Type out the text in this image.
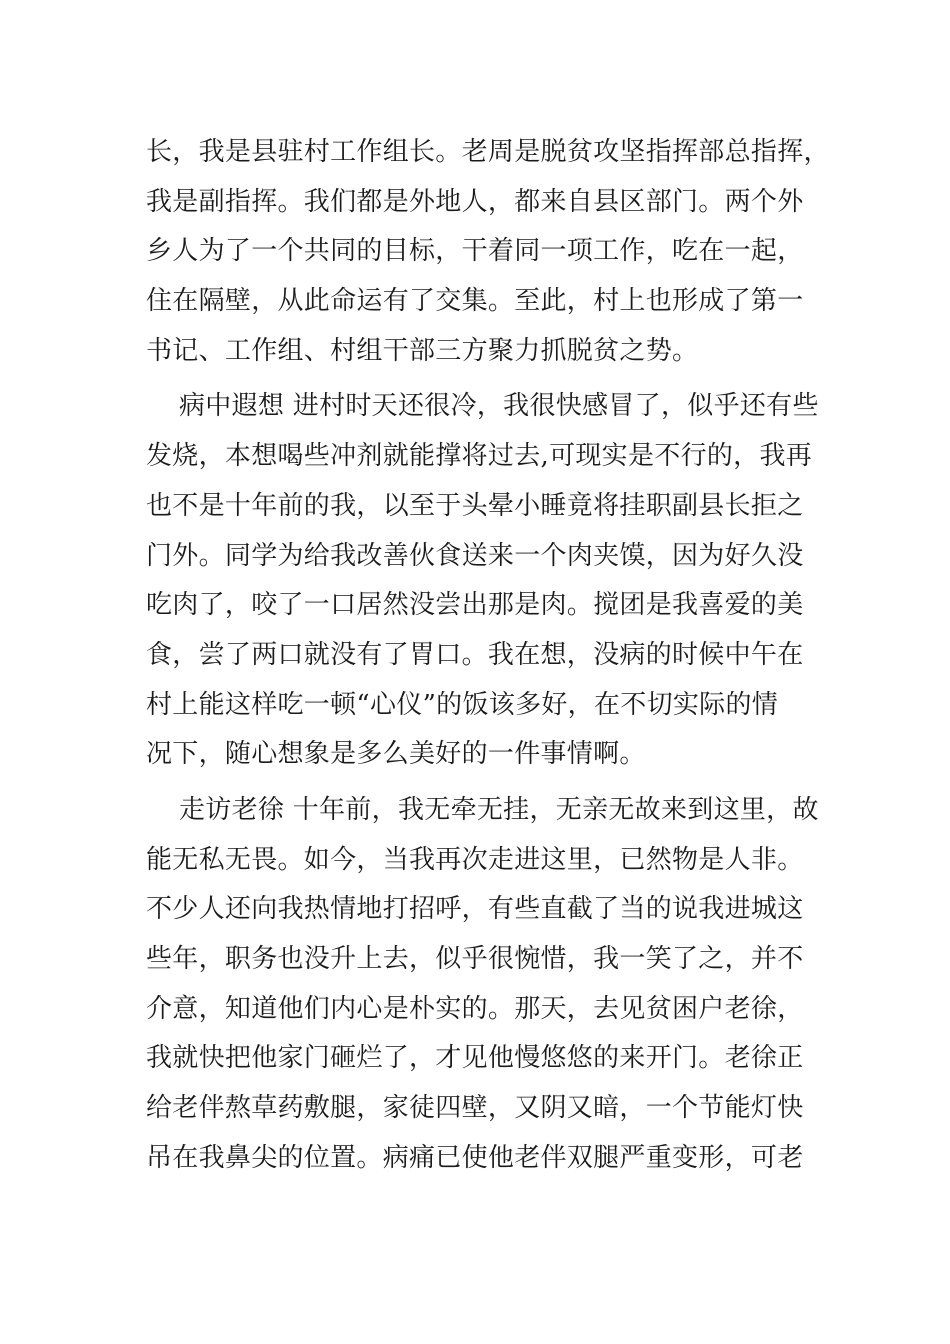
长，我是县驻村工作组长。老周是脱贫攻坚指挥部总指挥，
我是副指挥。我们都是外地人，都来自县区部门。两个外
乡人为了一个共同的目标，干着同一项工作，吃在一起，
住在隔壁，从此命运有了交集。至此，村上也形成了第一
书记、工作组、村组干部三方聚力抓脱贫之势。
病中遐想 进村时天还很冷，我很快感冒了，似乎还有些
发烧，本想喝些冲剂就能撑将过去,可现实是不行的，我再
也不是十年前的我，以至于头晕小睡竟将挂职副县长拒之
门外。同学为给我改善伙食送来一个肉夹馍，因为好久没
吃肉了，咬了一口居然没尝出那是肉。搅团是我喜爱的美
食，尝了两口就没有了胃口。我在想，没病的时候中午在
村上能这样吃一顿“心仪”的饭该多好，在不切实际的情
况下，随心想象是多么美好的一件事情啊。
走访老徐 十年前，我无牵无挂，无亲无故来到这里，故
能无私无畏。如今，当我再次走进这里，已然物是人非。
不少人还向我热情地打招呼，有些直截了当的说我进城这
些年，职务也没升上去，似乎很惋惜，我一笑了之，并不
介意，知道他们内心是朴实的。那天，去见贫困户老徐，
我就快把他家门砸烂了，才见他慢悠悠的来开门。老徐正
给老伴熬草药敷腿，家徒四壁，又阴又暗，一个节能灯快
吊在我鼻尖的位置。病痛已使他老伴双腿严重变形，可老
